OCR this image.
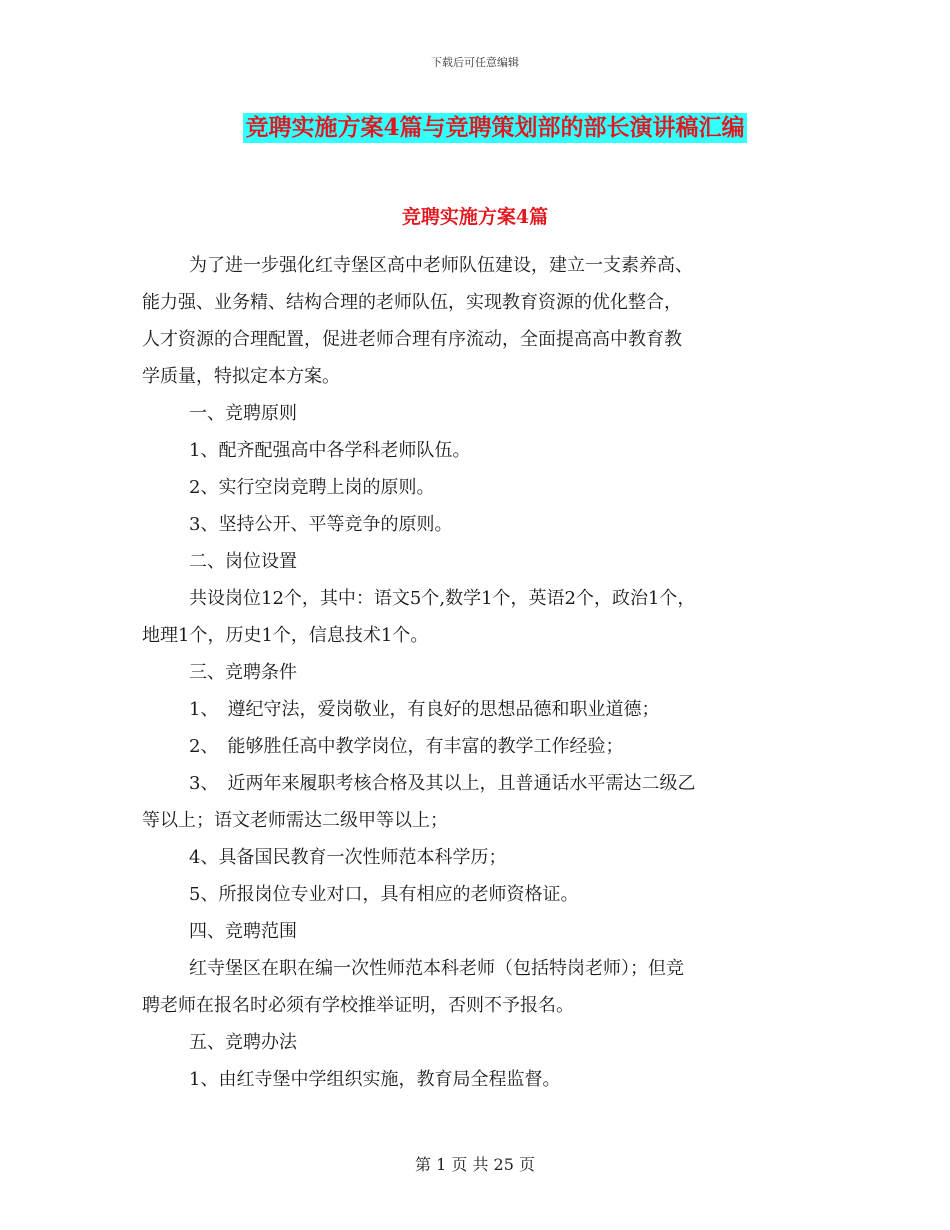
下载后可任意编辑
竞聘实施方案4篇与竞聘策划部的部长演讲稿汇编
竞聘实施方案4篇
为了进一步强化红寺堡区高中老师队伍建设，建立一支素养高、
能力强、业务精、结构合理的老师队伍，实现教育资源的优化整合，
人才资源的合理配置，促进老师合理有序流动，全面提高高中教育教
学质量，特拟定本方案。
一、竞聘原则
1、配齐配强高中各学科老师队伍。
2、实行空岗竞聘上岗的原则。
3、坚持公开、平等竞争的原则。
二、岗位设置
共设岗位12个，其中：语文5个,数学1个，英语2个，政治1个，
地理1个，历史1个，信息技术1个。
三、竞聘条件
1、　遵纪守法，爱岗敬业，有良好的思想品德和职业道德；
2、　能够胜任高中教学岗位，有丰富的教学工作经验；
3、　近两年来履职考核合格及其以上，且普通话水平需达二级乙
等以上；语文老师需达二级甲等以上；
4、具备国民教育一次性师范本科学历；
5、所报岗位专业对口，具有相应的老师资格证。
四、竞聘范围
红寺堡区在职在编一次性师范本科老师（包括特岗老师）；但竞
聘老师在报名时必须有学校推举证明，否则不予报名。
五、竞聘办法
1、由红寺堡中学组织实施，教育局全程监督。
第 1 页 共 25 页
